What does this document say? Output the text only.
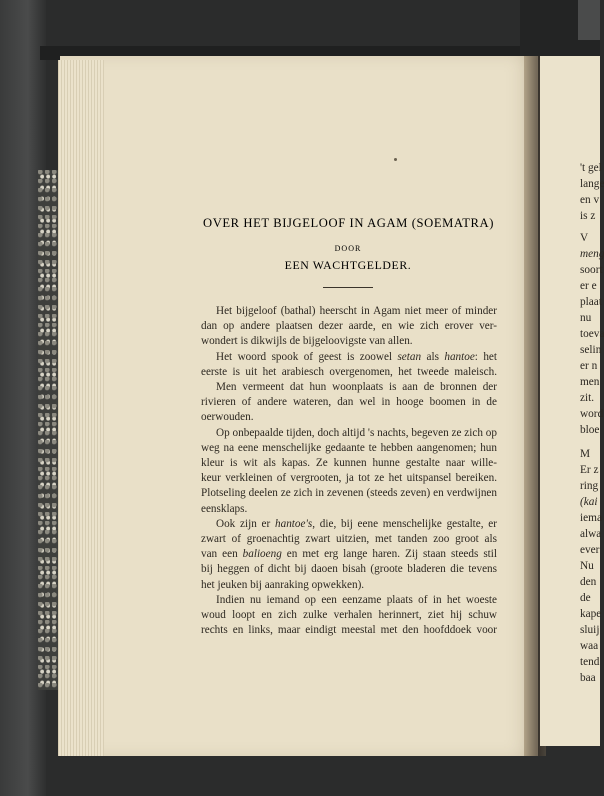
't gel
lange
en v
is z
V
meng
soort
er e
plaat
nu
toeva
selin
er n
men
zit.
word
bloe
M
Er z
ring
(kai
iema
alwa
ever
Nu
den
de
kape
sluij
waa
tend
baa
OVER HET BIJGELOOF IN AGAM (SOEMATRA)
DOOR
EEN WACHTGELDER.
Het bijgeloof (bathal) heerscht in Agam niet meer of minder
dan op andere plaatsen dezer aarde, en wie zich erover ver-
wondert is dikwijls de bijgeloovigste van allen.
Het woord spook of geest is zoowel setan als hantoe: het
eerste is uit het arabiesch overgenomen, het tweede maleisch.
Men vermeent dat hun woonplaats is aan de bronnen der
rivieren of andere wateren, dan wel in hooge boomen in de
oerwouden.
Op onbepaalde tijden, doch altijd 's nachts, begeven ze zich op
weg na eene menschelijke gedaante te hebben aangenomen; hun
kleur is wit als kapas. Ze kunnen hunne gestalte naar wille-
keur verkleinen of vergrooten, ja tot ze het uitspansel bereiken.
Plotseling deelen ze zich in zevenen (steeds zeven) en verdwijnen
eensklaps.
Ook zijn er hantoe's, die, bij eene menschelijke gestalte, er
zwart of groenachtig zwart uitzien, met tanden zoo groot als
van een balioeng en met erg lange haren. Zij staan steeds stil
bij heggen of dicht bij daoen bisah (groote bladeren die tevens
het jeuken bij aanraking opwekken).
Indien nu iemand op een eenzame plaats of in het woeste
woud loopt en zich zulke verhalen herinnert, ziet hij schuw
rechts en links, maar eindigt meestal met den hoofddoek voor
